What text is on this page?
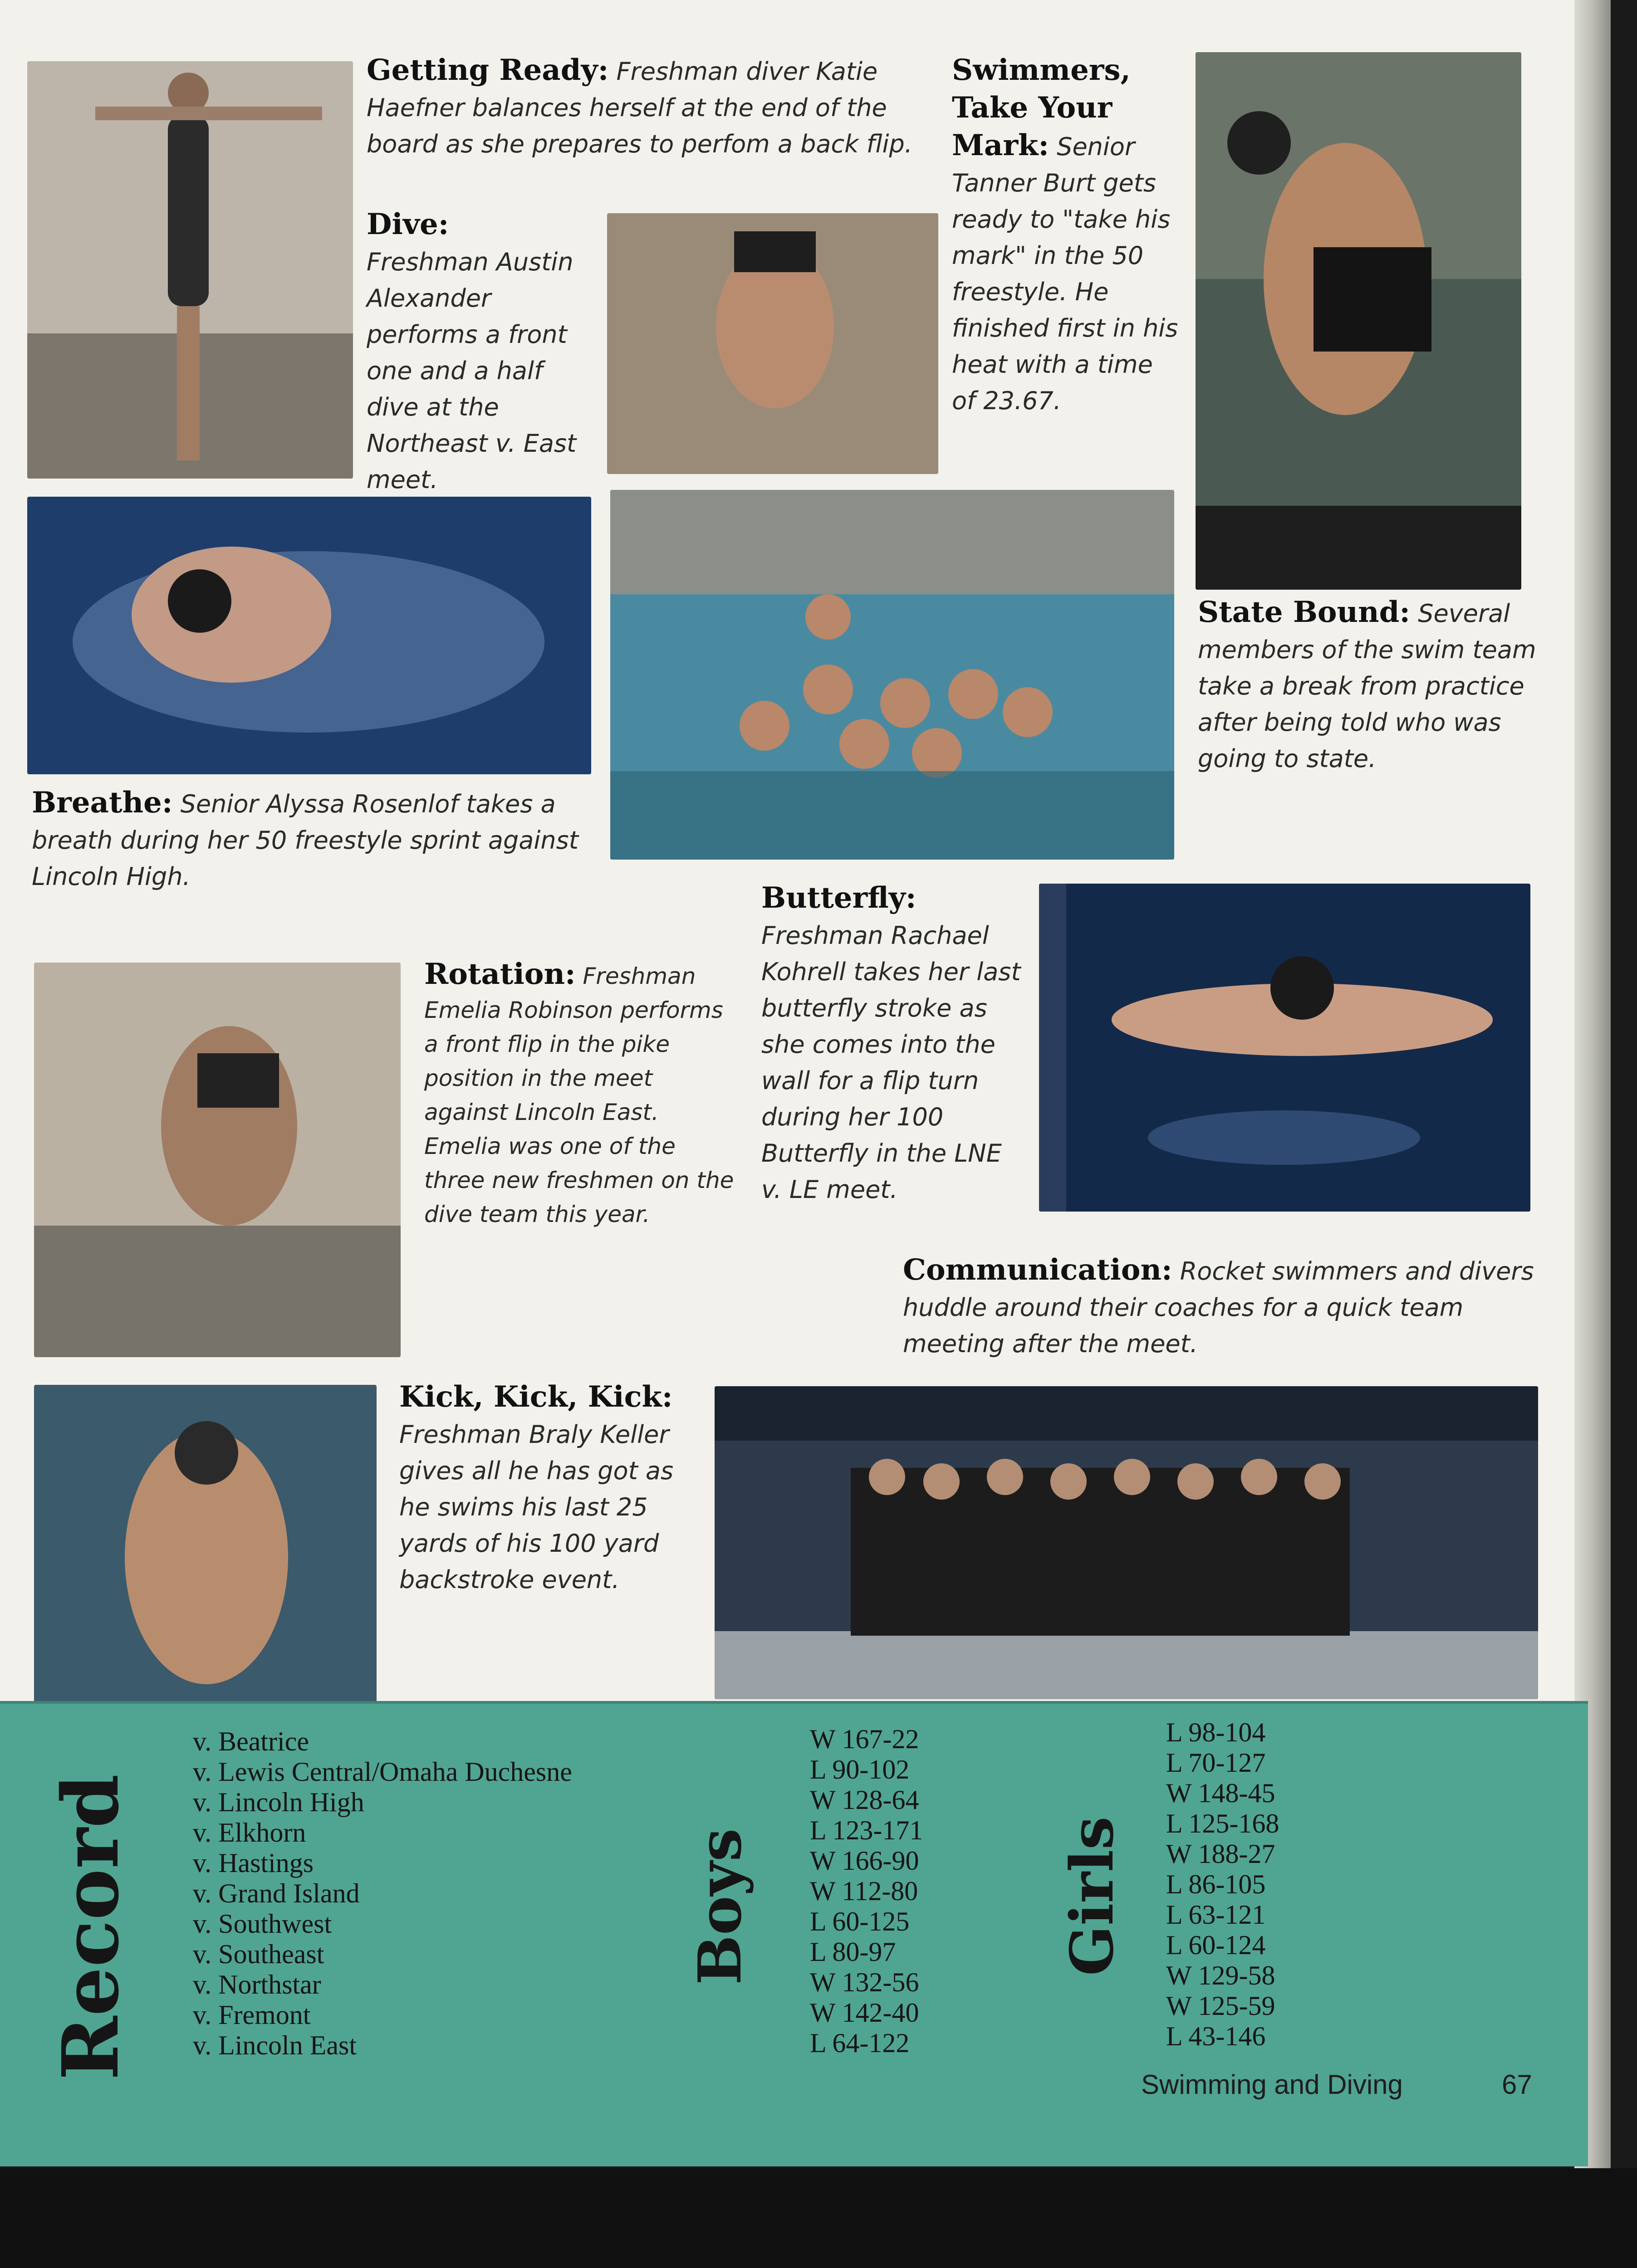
Getting Ready: Freshman diver Katie Haefner balances herself at the end of the board as she prepares to perfom a back flip.
Dive: Freshman Austin Alexander performs a front one and a half dive at the Northeast v. East meet.
Swimmers, Take Your Mark: Senior Tanner Burt gets ready to "take his mark" in the 50 freestyle. He finished first in his heat with a time of 23.67.
State Bound: Several members of the swim team take a break from practice after being told who was going to state.
Breathe: Senior Alyssa Rosenlof takes a breath during her 50 freestyle sprint against Lincoln High.
Butterfly: Freshman Rachael Kohrell takes her last butterfly stroke as she comes into the wall for a flip turn during her 100 Butterfly in the LNE v. LE meet.
Rotation: Freshman Emelia Robinson performs a front flip in the pike position in the meet against Lincoln East. Emelia was one of the three new freshmen on the dive team this year.
Communication: Rocket swimmers and divers huddle around their coaches for a quick team meeting after the meet.
Kick, Kick, Kick: Freshman Braly Keller gives all he has got as he swims his last 25 yards of his 100 yard backstroke event.
Record
v. Beatrice
v. Lewis Central/Omaha Duchesne
v. Lincoln High
v. Elkhorn
v. Hastings
v. Grand Island
v. Southwest
v. Southeast
v. Northstar
v. Fremont
v. Lincoln East
Boys
W 167-22
L 90-102
W 128-64
L 123-171
W 166-90
W 112-80
L 60-125
L 80-97
W 132-56
W 142-40
L 64-122
Girls
L 98-104
L 70-127
W 148-45
L 125-168
W 188-27
L 86-105
L 63-121
L 60-124
W 129-58
W 125-59
L 43-146
Swimming and Diving	67
